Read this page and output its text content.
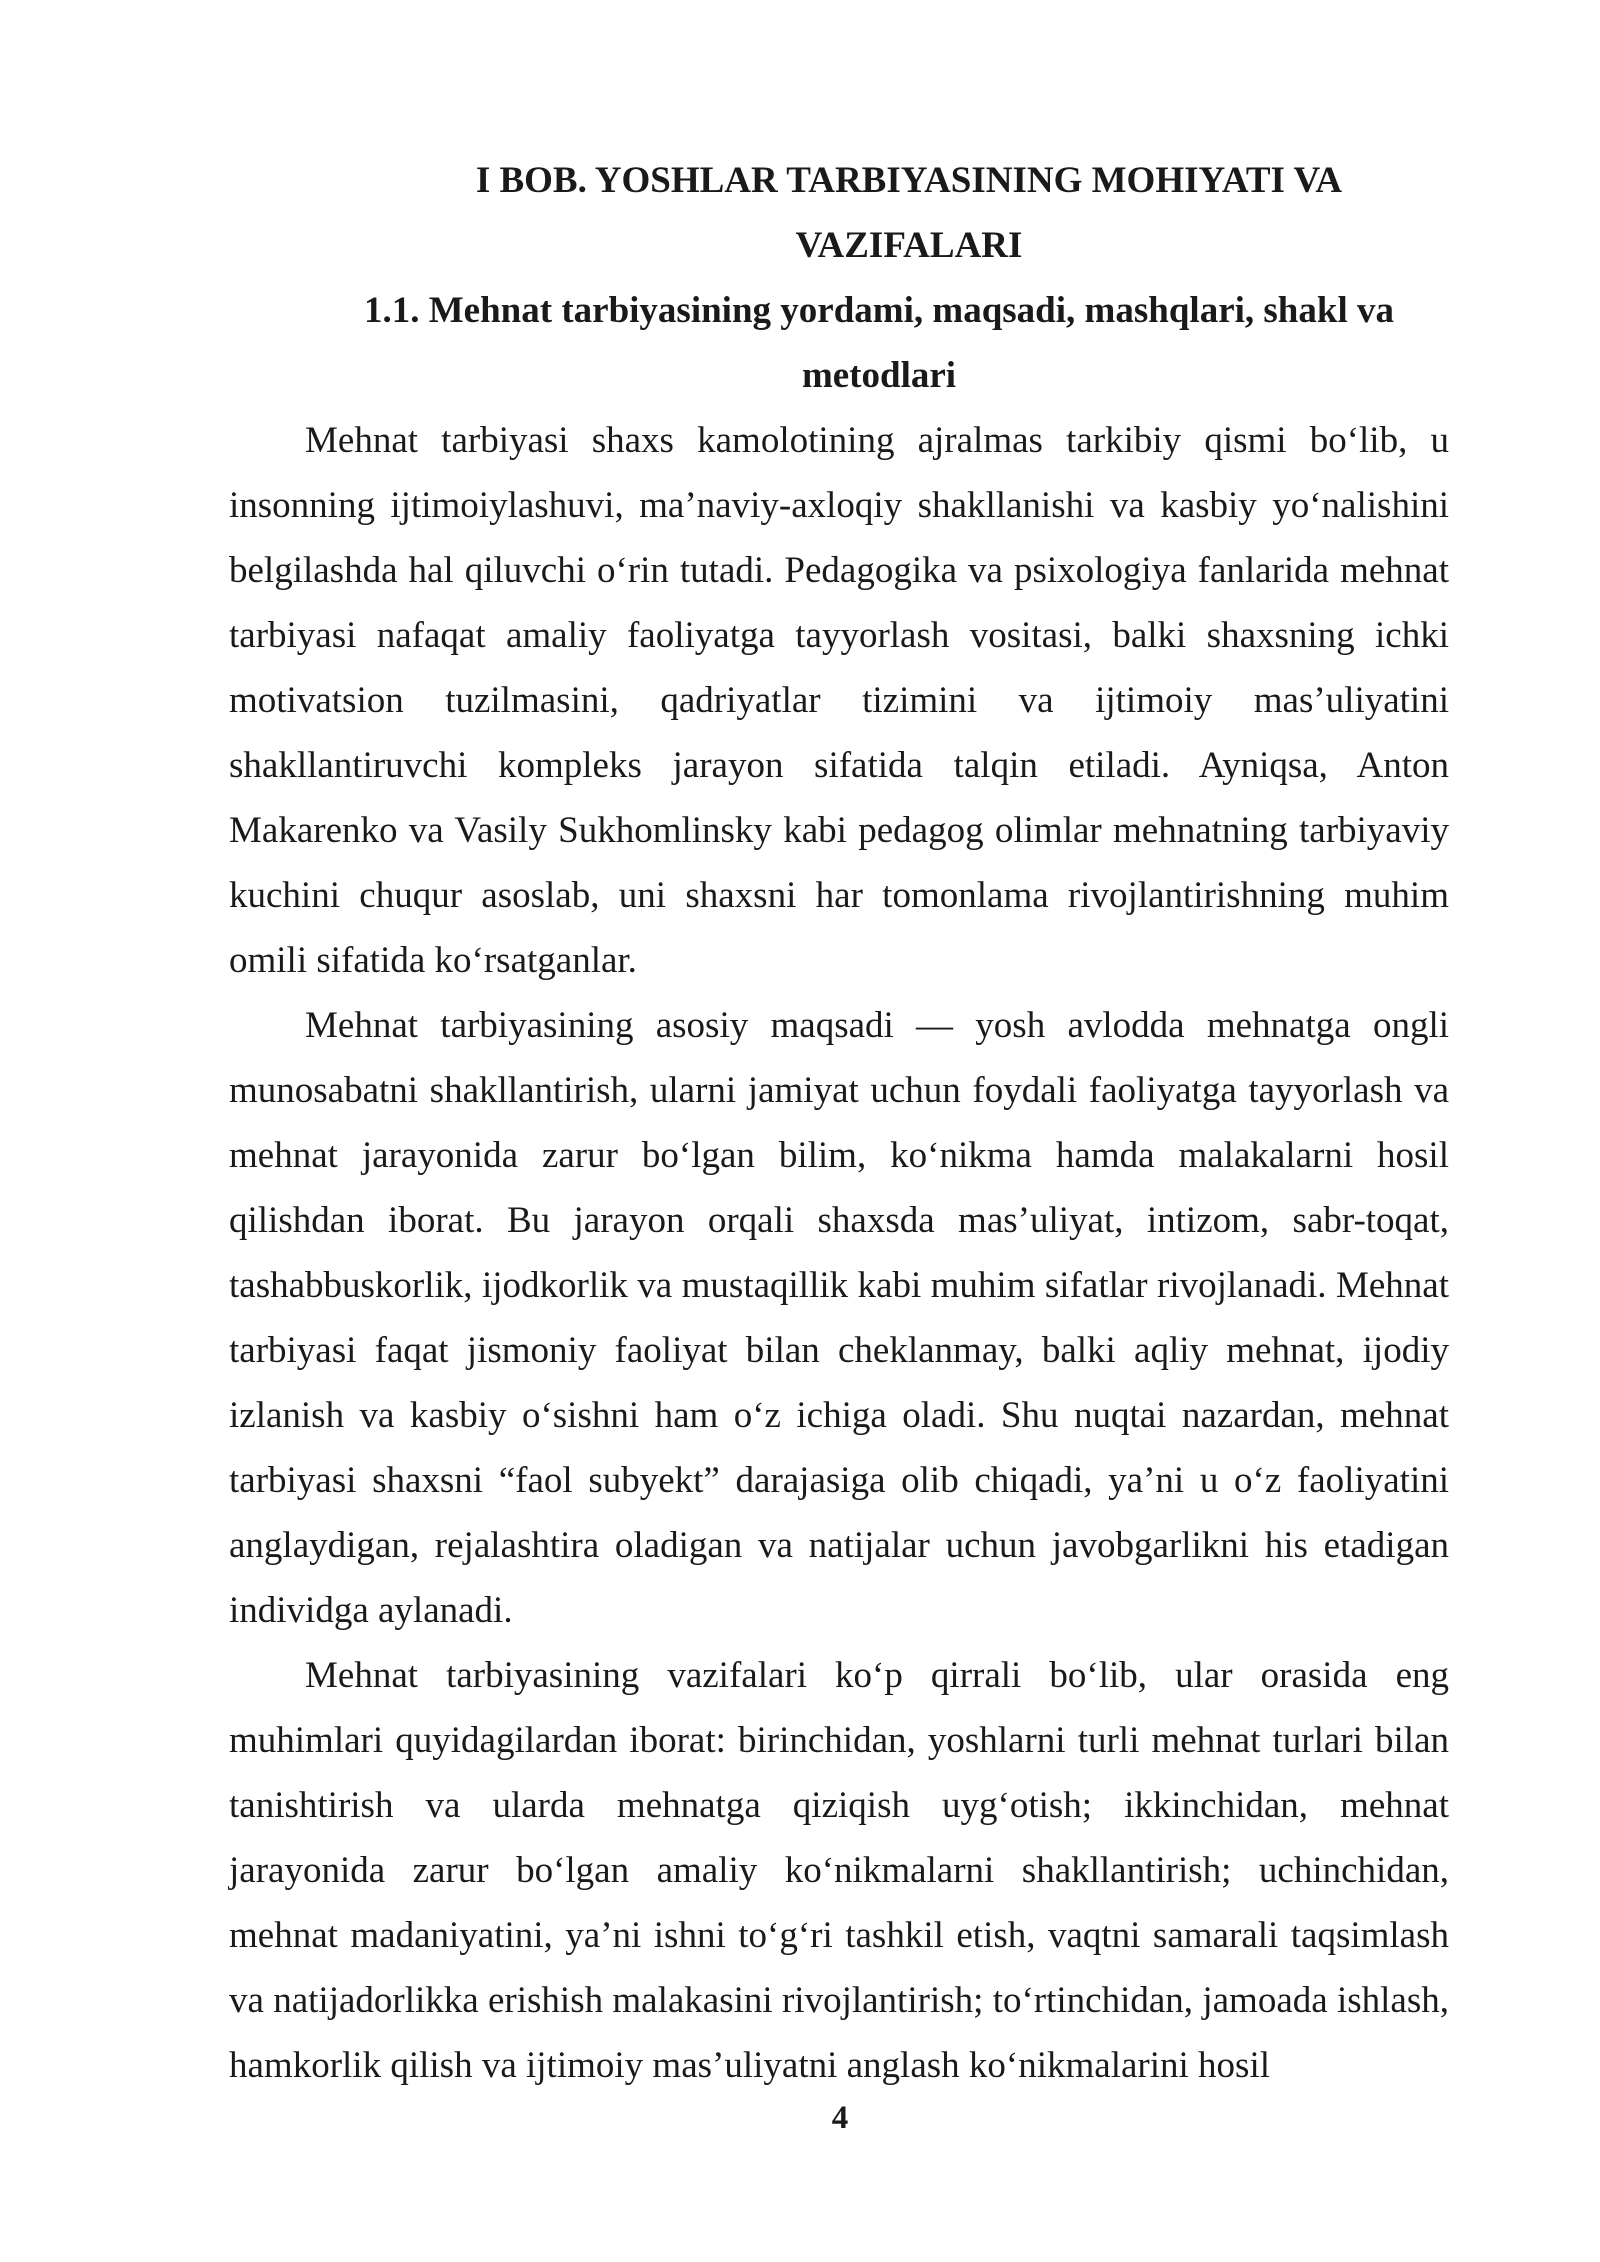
I BOB. YOSHLAR TARBIYASINING MOHIYATI VA VAZIFALARI
1.1. Mehnat tarbiyasining yordami, maqsadi, mashqlari, shakl va metodlari

Mehnat tarbiyasi shaxs kamolotining ajralmas tarkibiy qismi bo‘lib, u insonning ijtimoiylashuvi, ma’naviy-axloqiy shakllanishi va kasbiy yo‘nalishini belgilashda hal qiluvchi o‘rin tutadi. Pedagogika va psixologiya fanlarida mehnat tarbiyasi nafaqat amaliy faoliyatga tayyorlash vositasi, balki shaxsning ichki motivatsion tuzilmasini, qadriyatlar tizimini va ijtimoiy mas’uliyatini shakllantiruvchi kompleks jarayon sifatida talqin etiladi. Ayniqsa, Anton Makarenko va Vasily Sukhomlinsky kabi pedagog olimlar mehnatning tarbiyaviy kuchini chuqur asoslab, uni shaxsni har tomonlama rivojlantirishning muhim omili sifatida ko‘rsatganlar.

Mehnat tarbiyasining asosiy maqsadi — yosh avlodda mehnatga ongli munosabatni shakllantirish, ularni jamiyat uchun foydali faoliyatga tayyorlash va mehnat jarayonida zarur bo‘lgan bilim, ko‘nikma hamda malakalarni hosil qilishdan iborat. Bu jarayon orqali shaxsda mas’uliyat, intizom, sabr-toqat, tashabbuskorlik, ijodkorlik va mustaqillik kabi muhim sifatlar rivojlanadi. Mehnat tarbiyasi faqat jismoniy faoliyat bilan cheklanmay, balki aqliy mehnat, ijodiy izlanish va kasbiy o‘sishni ham o‘z ichiga oladi. Shu nuqtai nazardan, mehnat tarbiyasi shaxsni “faol subyekt” darajasiga olib chiqadi, ya’ni u o‘z faoliyatini anglaydigan, rejalashtira oladigan va natijalar uchun javobgarlikni his etadigan individga aylanadi.

Mehnat tarbiyasining vazifalari ko‘p qirrali bo‘lib, ular orasida eng muhimlari quyidagilardan iborat: birinchidan, yoshlarni turli mehnat turlari bilan tanishtirish va ularda mehnatga qiziqish uyg‘otish; ikkinchidan, mehnat jarayonida zarur bo‘lgan amaliy ko‘nikmalarni shakllantirish; uchinchidan, mehnat madaniyatini, ya’ni ishni to‘g‘ri tashkil etish, vaqtni samarali taqsimlash va natijadorlikka erishish malakasini rivojlantirish; to‘rtinchidan, jamoada ishlash, hamkorlik qilish va ijtimoiy mas’uliyatni anglash ko‘nikmalarini hosil

4
